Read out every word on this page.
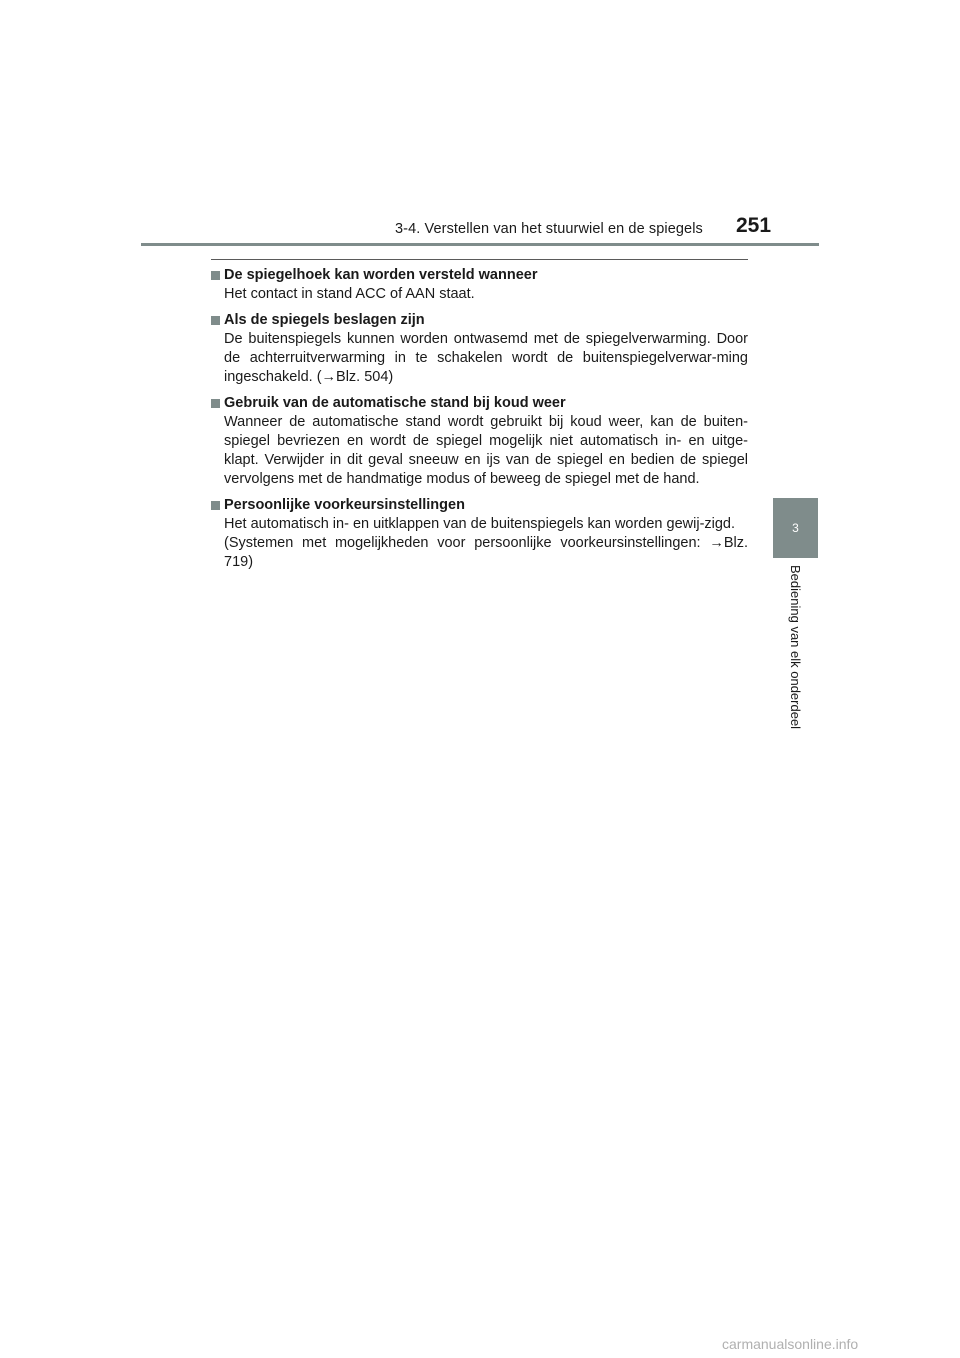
3-4. Verstellen van het stuurwiel en de spiegels 251
De spiegelhoek kan worden versteld wanneer
Het contact in stand ACC of AAN staat.
Als de spiegels beslagen zijn
De buitenspiegels kunnen worden ontwasemd met de spiegelverwarming. Door de achterruitverwarming in te schakelen wordt de buitenspiegelverwar-ming ingeschakeld. (→Blz. 504)
Gebruik van de automatische stand bij koud weer
Wanneer de automatische stand wordt gebruikt bij koud weer, kan de buiten-spiegel bevriezen en wordt de spiegel mogelijk niet automatisch in- en uitge-klapt. Verwijder in dit geval sneeuw en ijs van de spiegel en bedien de spiegel vervolgens met de handmatige modus of beweeg de spiegel met de hand.
Persoonlijke voorkeursinstellingen
Het automatisch in- en uitklappen van de buitenspiegels kan worden gewij-zigd.
(Systemen met mogelijkheden voor persoonlijke voorkeursinstellingen: →Blz. 719)
3
Bediening van elk onderdeel
carmanualsonline.info
